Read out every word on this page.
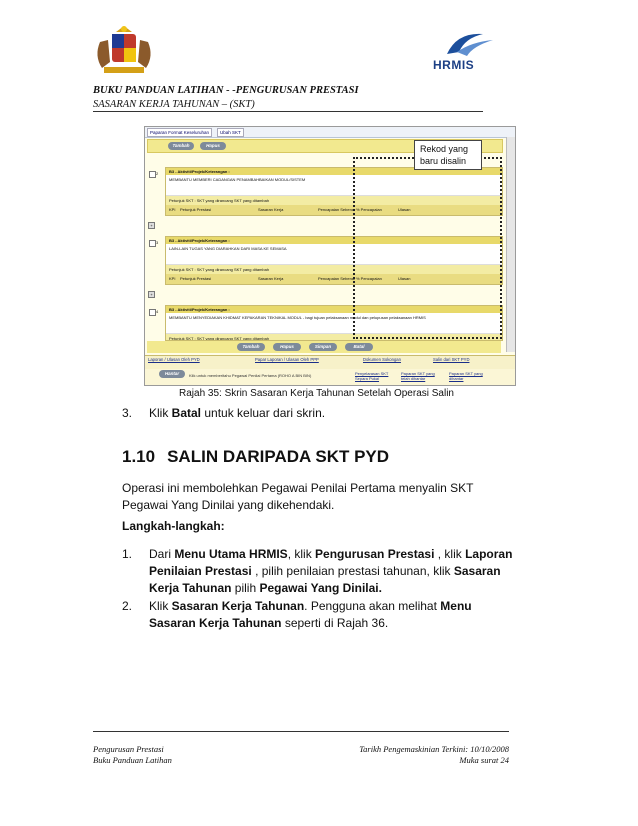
HRMIS
BUKU PANDUAN LATIHAN - -PENGURUSAN PRESTASI
SASARAN KERJA TAHUNAN – (SKT)
Paparan Format Keseluruhan	Ubah SKT
Tambah	Hapus
2	B3 - Aktiviti/Projek/Keterangan :
MEMBANTU MEMBERI CADANGAN PENAMBAHBAIKAN MODUL/SISTEM
Petunjuk SKT : SKT yang dirancang SKT yang ditambah
KPI Petunjuk Prestasi	Sasaran Kerja	Pencapaian Sebenar % Pencapaian	Ulasan
+
3	B3 - Aktiviti/Projek/Keterangan :
LAIN-LAIN TUGAS YANG DIARAHKAN DARI MASA KE SEMASA
Petunjuk SKT : SKT yang dirancang SKT yang ditambah
KPI Petunjuk Prestasi	Sasaran Kerja	Pencapaian Sebenar % Pencapaian	Ulasan
+
4	B3 - Aktiviti/Projek/Keterangan :
MEMBANTU MENYEDIAKAN KHIDMAT KEPAKARAN TEKNIKAL MODUL - bagi tujuan pelaksanaan modul dan pelupusan pelaksanaan HRMIS
Petunjuk SKT : SKT yang dirancang SKT yang ditambah
Tambah	Hapus	Simpan	Batal
Laporan / Ulasan Oleh PYD	Papar Laporan / Ulasan Oleh PPP	Dokumen Sokongan	Salin dari SKT PYD
Hantar	Klik untuk memberitahu Pegawai Penilai Pertama (ROHO A BIN BIN)	Penyelarasan SKT Separa Pukal
Paparan SKT yang telah dihantar
Paparan SKT yang dihantar
Rekod yang
baru disalin
Rajah 35: Skrin Sasaran Kerja Tahunan Setelah Operasi Salin
3. Klik Batal untuk keluar dari skrin.
1.10 SALIN DARIPADA SKT PYD
Operasi ini membolehkan Pegawai Penilai Pertama menyalin SKT Pegawai Yang Dinilai yang dikehendaki.
Langkah-langkah:
1. Dari Menu Utama HRMIS, klik Pengurusan Prestasi , klik Laporan Penilaian Prestasi , pilih penilaian prestasi tahunan, klik Sasaran Kerja Tahunan pilih Pegawai Yang Dinilai.
2. Klik Sasaran Kerja Tahunan. Pengguna akan melihat Menu Sasaran Kerja Tahunan seperti di Rajah 36.
Pengurusan Prestasi
Buku Panduan Latihan
Tarikh Pengemaskinian Terkini: 10/10/2008
Muka surat 24
